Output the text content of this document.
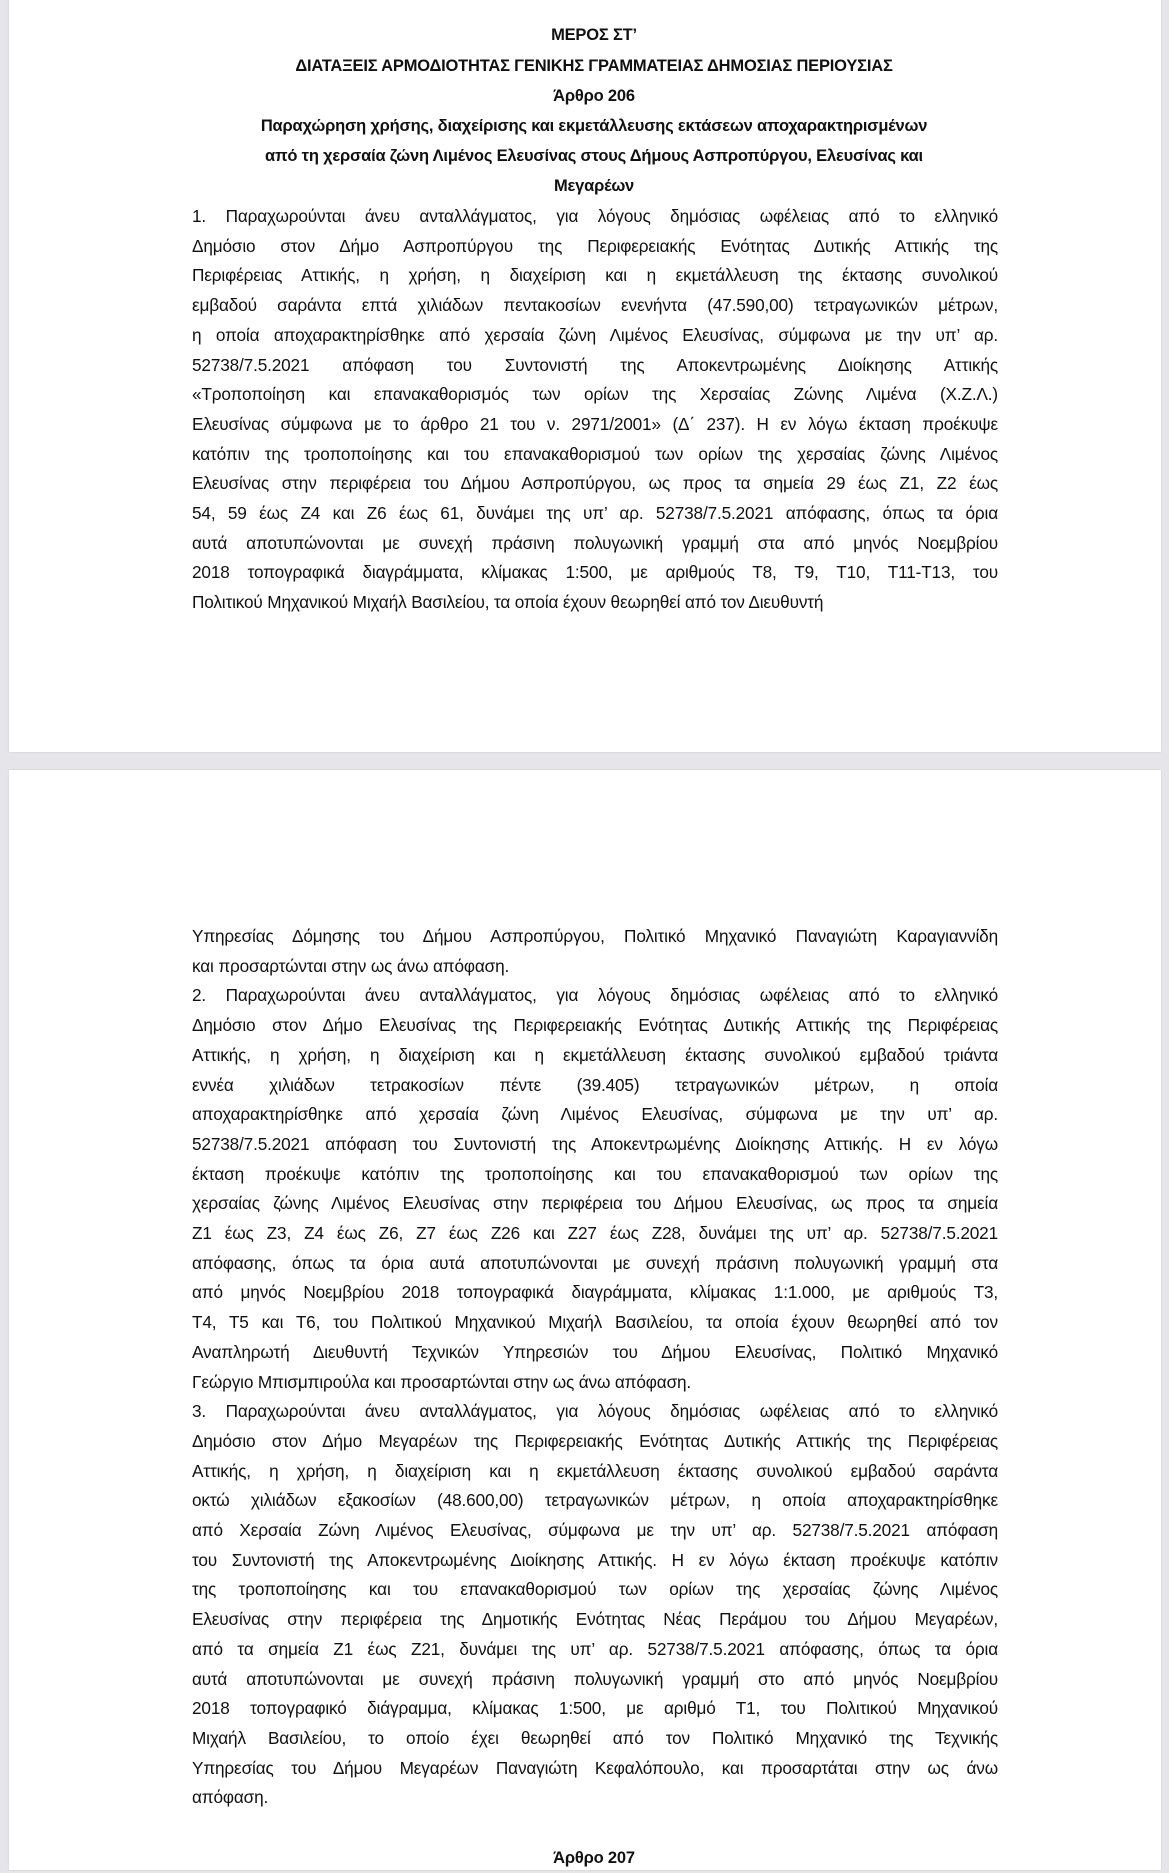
ΜΕΡΟΣ ΣΤ’
ΔΙΑΤΑΞΕΙΣ ΑΡΜΟΔΙΟΤΗΤΑΣ ΓΕΝΙΚΗΣ ΓΡΑΜΜΑΤΕΙΑΣ ΔΗΜΟΣΙΑΣ ΠΕΡΙΟΥΣΙΑΣ
Άρθρο 206
Παραχώρηση χρήσης, διαχείρισης και εκμετάλλευσης εκτάσεων αποχαρακτηρισμένων
από τη χερσαία ζώνη Λιμένος Ελευσίνας στους Δήμους Ασπροπύργου, Ελευσίνας και
Μεγαρέων
1. Παραχωρούνται άνευ ανταλλάγματος, για λόγους δημόσιας ωφέλειας από το ελληνικό
Δημόσιο στον Δήμο Ασπροπύργου της Περιφερειακής Ενότητας Δυτικής Αττικής της
Περιφέρειας Αττικής, η χρήση, η διαχείριση και η εκμετάλλευση της έκτασης συνολικού
εμβαδού σαράντα επτά χιλιάδων πεντακοσίων ενενήντα (47.590,00) τετραγωνικών μέτρων,
η οποία αποχαρακτηρίσθηκε από χερσαία ζώνη Λιμένος Ελευσίνας, σύμφωνα με την υπ’ αρ.
52738/7.5.2021 απόφαση του Συντονιστή της Αποκεντρωμένης Διοίκησης Αττικής
«Τροποποίηση και επανακαθορισμός των ορίων της Χερσαίας Ζώνης Λιμένα (Χ.Ζ.Λ.)
Ελευσίνας σύμφωνα με το άρθρο 21 του ν. 2971/2001» (Δ΄ 237). Η εν λόγω έκταση προέκυψε
κατόπιν της τροποποίησης και του επανακαθορισμού των ορίων της χερσαίας ζώνης Λιμένος
Ελευσίνας στην περιφέρεια του Δήμου Ασπροπύργου, ως προς τα σημεία 29 έως Ζ1, Ζ2 έως
54, 59 έως Ζ4 και Ζ6 έως 61, δυνάμει της υπ’ αρ. 52738/7.5.2021 απόφασης, όπως τα όρια
αυτά αποτυπώνονται με συνεχή πράσινη πολυγωνική γραμμή στα από μηνός Νοεμβρίου
2018 τοπογραφικά διαγράμματα, κλίμακας 1:500, με αριθμούς Τ8, Τ9, Τ10, Τ11-Τ13, του
Πολιτικού Μηχανικού Μιχαήλ Βασιλείου, τα οποία έχουν θεωρηθεί από τον Διευθυντή
Υπηρεσίας Δόμησης του Δήμου Ασπροπύργου, Πολιτικό Μηχανικό Παναγιώτη Καραγιαννίδη
και προσαρτώνται στην ως άνω απόφαση.
2. Παραχωρούνται άνευ ανταλλάγματος, για λόγους δημόσιας ωφέλειας από το ελληνικό
Δημόσιο στον Δήμο Ελευσίνας της Περιφερειακής Ενότητας Δυτικής Αττικής της Περιφέρειας
Αττικής, η χρήση, η διαχείριση και η εκμετάλλευση έκτασης συνολικού εμβαδού τριάντα
εννέα χιλιάδων τετρακοσίων πέντε (39.405) τετραγωνικών μέτρων, η οποία
αποχαρακτηρίσθηκε από χερσαία ζώνη Λιμένος Ελευσίνας, σύμφωνα με την υπ’ αρ.
52738/7.5.2021 απόφαση του Συντονιστή της Αποκεντρωμένης Διοίκησης Αττικής. Η εν λόγω
έκταση προέκυψε κατόπιν της τροποποίησης και του επανακαθορισμού των ορίων της
χερσαίας ζώνης Λιμένος Ελευσίνας στην περιφέρεια του Δήμου Ελευσίνας, ως προς τα σημεία
Ζ1 έως Ζ3, Ζ4 έως Ζ6, Ζ7 έως Ζ26 και Ζ27 έως Ζ28, δυνάμει της υπ’ αρ. 52738/7.5.2021
απόφασης, όπως τα όρια αυτά αποτυπώνονται με συνεχή πράσινη πολυγωνική γραμμή στα
από μηνός Νοεμβρίου 2018 τοπογραφικά διαγράμματα, κλίμακας 1:1.000, με αριθμούς Τ3,
Τ4, Τ5 και Τ6, του Πολιτικού Μηχανικού Μιχαήλ Βασιλείου, τα οποία έχουν θεωρηθεί από τον
Αναπληρωτή Διευθυντή Τεχνικών Υπηρεσιών του Δήμου Ελευσίνας, Πολιτικό Μηχανικό
Γεώργιο Μπισμπιρούλα και προσαρτώνται στην ως άνω απόφαση.
3. Παραχωρούνται άνευ ανταλλάγματος, για λόγους δημόσιας ωφέλειας από το ελληνικό
Δημόσιο στον Δήμο Μεγαρέων της Περιφερειακής Ενότητας Δυτικής Αττικής της Περιφέρειας
Αττικής, η χρήση, η διαχείριση και η εκμετάλλευση έκτασης συνολικού εμβαδού σαράντα
οκτώ χιλιάδων εξακοσίων (48.600,00) τετραγωνικών μέτρων, η οποία αποχαρακτηρίσθηκε
από Χερσαία Ζώνη Λιμένος Ελευσίνας, σύμφωνα με την υπ’ αρ. 52738/7.5.2021 απόφαση
του Συντονιστή της Αποκεντρωμένης Διοίκησης Αττικής. Η εν λόγω έκταση προέκυψε κατόπιν
της τροποποίησης και του επανακαθορισμού των ορίων της χερσαίας ζώνης Λιμένος
Ελευσίνας στην περιφέρεια της Δημοτικής Ενότητας Νέας Περάμου του Δήμου Μεγαρέων,
από τα σημεία Ζ1 έως Ζ21, δυνάμει της υπ’ αρ. 52738/7.5.2021 απόφασης, όπως τα όρια
αυτά αποτυπώνονται με συνεχή πράσινη πολυγωνική γραμμή στο από μηνός Νοεμβρίου
2018 τοπογραφικό διάγραμμα, κλίμακας 1:500, με αριθμό Τ1, του Πολιτικού Μηχανικού
Μιχαήλ Βασιλείου, το οποίο έχει θεωρηθεί από τον Πολιτικό Μηχανικό της Τεχνικής
Υπηρεσίας του Δήμου Μεγαρέων Παναγιώτη Κεφαλόπουλο, και προσαρτάται στην ως άνω
απόφαση.
Άρθρο 207
